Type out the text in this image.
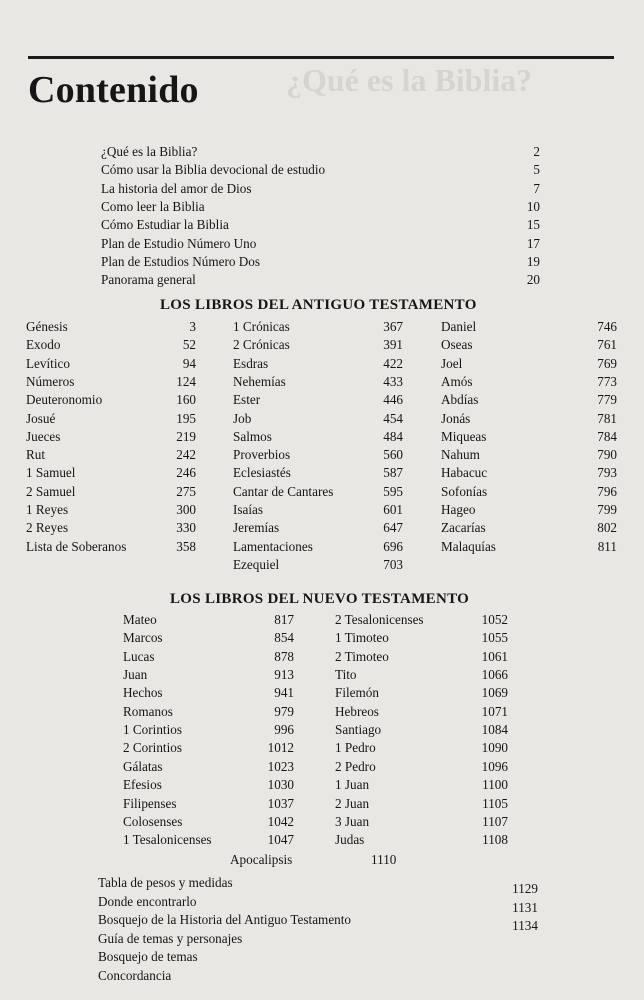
¿Qué es la Biblia?
Contenido
¿Qué es la Biblia?	2
Cómo usar la Biblia devocional de estudio	5
La historia del amor de Dios	7
Como leer la Biblia	10
Cómo Estudiar la Biblia	15
Plan de Estudio Número Uno	17
Plan de Estudios Número Dos	19
Panorama general	20
LOS LIBROS DEL ANTIGUO TESTAMENTO
Génesis	3
Exodo	52
Levítico	94
Números	124
Deuteronomio	160
Josué	195
Jueces	219
Rut	242
1 Samuel	246
2 Samuel	275
1 Reyes	300
2 Reyes	330
Lista de Soberanos	358
1 Crónicas	367
2 Crónicas	391
Esdras	422
Nehemías	433
Ester	446
Job	454
Salmos	484
Proverbios	560
Eclesiastés	587
Cantar de Cantares	595
Isaías	601
Jeremías	647
Lamentaciones	696
Ezequiel	703
Daniel	746
Oseas	761
Joel	769
Amós	773
Abdías	779
Jonás	781
Miqueas	784
Nahum	790
Habacuc	793
Sofonías	796
Hageo	799
Zacarías	802
Malaquías	811
LOS LIBROS DEL NUEVO TESTAMENTO
Mateo	817
Marcos	854
Lucas	878
Juan	913
Hechos	941
Romanos	979
1 Corintios	996
2 Corintios	1012
Gálatas	1023
Efesios	1030
Filipenses	1037
Colosenses	1042
1 Tesalonicenses	1047
2 Tesalonicenses	1052
1 Timoteo	1055
2 Timoteo	1061
Tito	1066
Filemón	1069
Hebreos	1071
Santiago	1084
1 Pedro	1090
2 Pedro	1096
1 Juan	1100
2 Juan	1105
3 Juan	1107
Judas	1108
Apocalipsis	1110
Tabla de pesos y medidas	1129
Donde encontrarlo	1131
Bosquejo de la Historia del Antiguo Testamento	1134
Guía de temas y personajes
Bosquejo de temas
Concordancia
